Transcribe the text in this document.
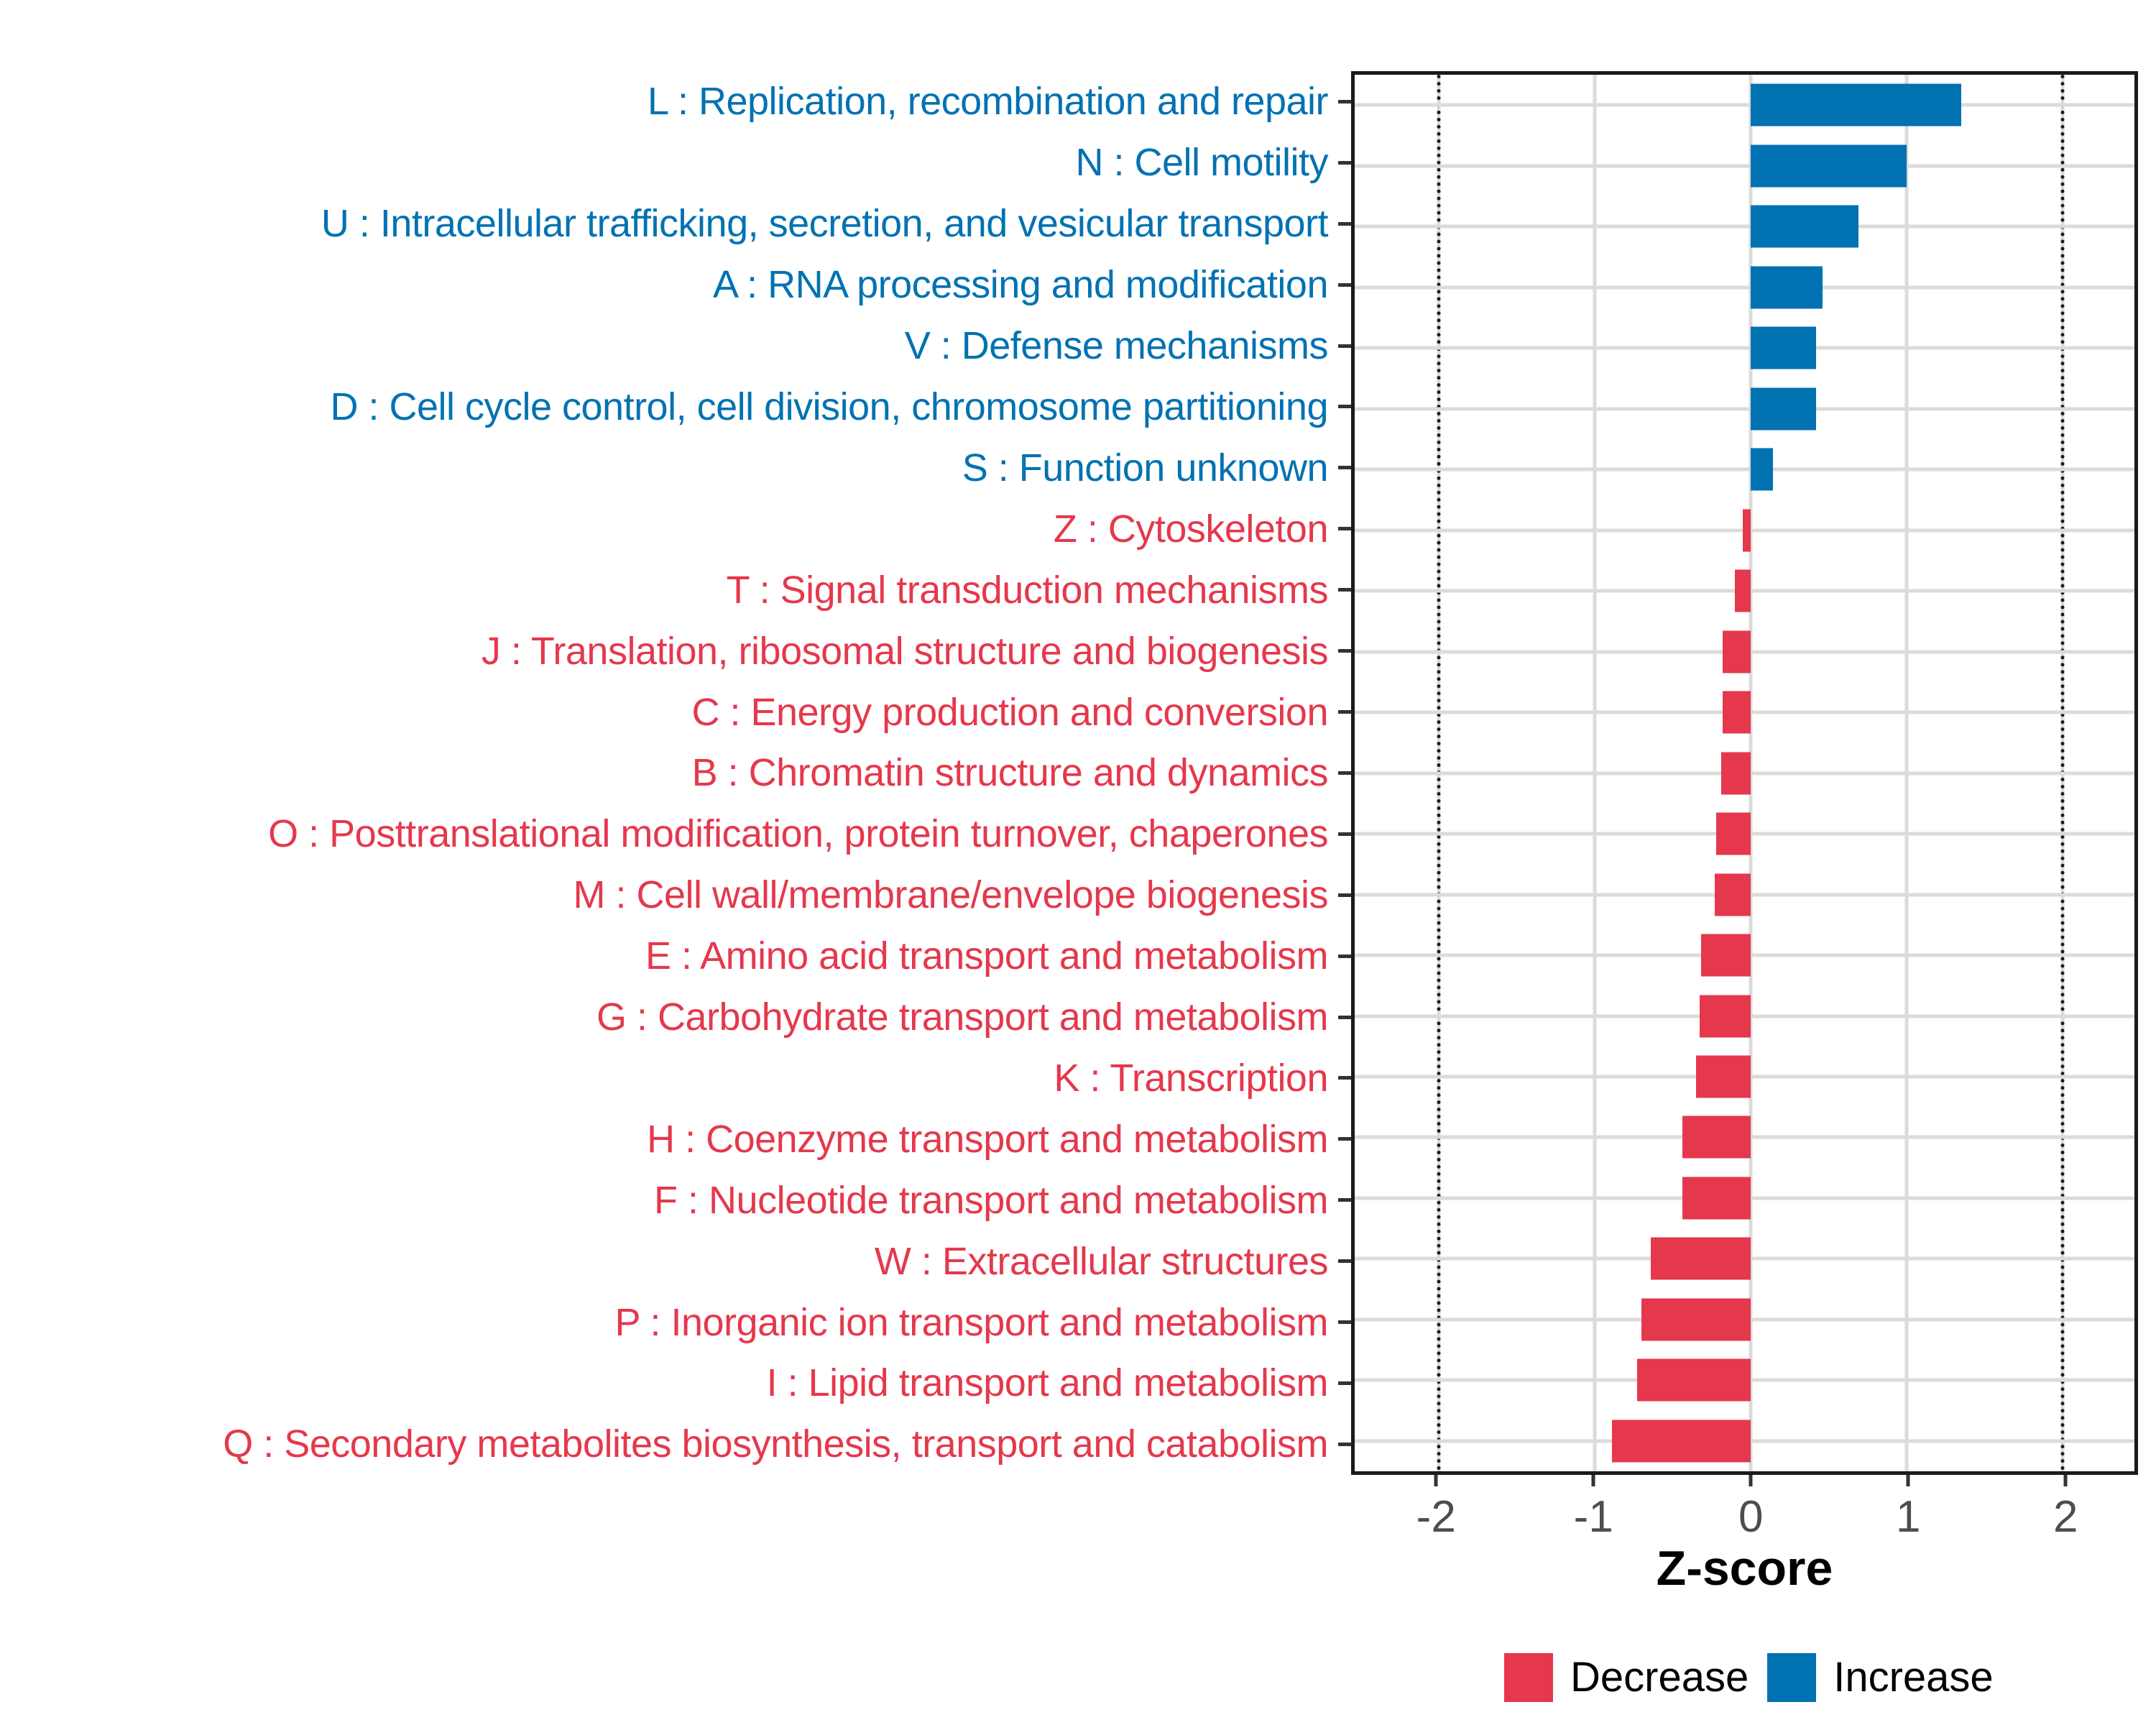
L : Replication, recombination and repair
N : Cell motility
U : Intracellular trafficking, secretion, and vesicular transport
A : RNA processing and modification
V : Defense mechanisms
D : Cell cycle control, cell division, chromosome partitioning
S : Function unknown
Z : Cytoskeleton
T : Signal transduction mechanisms
J : Translation, ribosomal structure and biogenesis
C : Energy production and conversion
B : Chromatin structure and dynamics
O : Posttranslational modification, protein turnover, chaperones
M : Cell wall/membrane/envelope biogenesis
E : Amino acid transport and metabolism
G : Carbohydrate transport and metabolism
K : Transcription
H : Coenzyme transport and metabolism
F : Nucleotide transport and metabolism
W : Extracellular structures
P : Inorganic ion transport and metabolism
I : Lipid transport and metabolism
Q : Secondary metabolites biosynthesis, transport and catabolism
-2	-1	0	1	2
Z-score
Decrease Increase
